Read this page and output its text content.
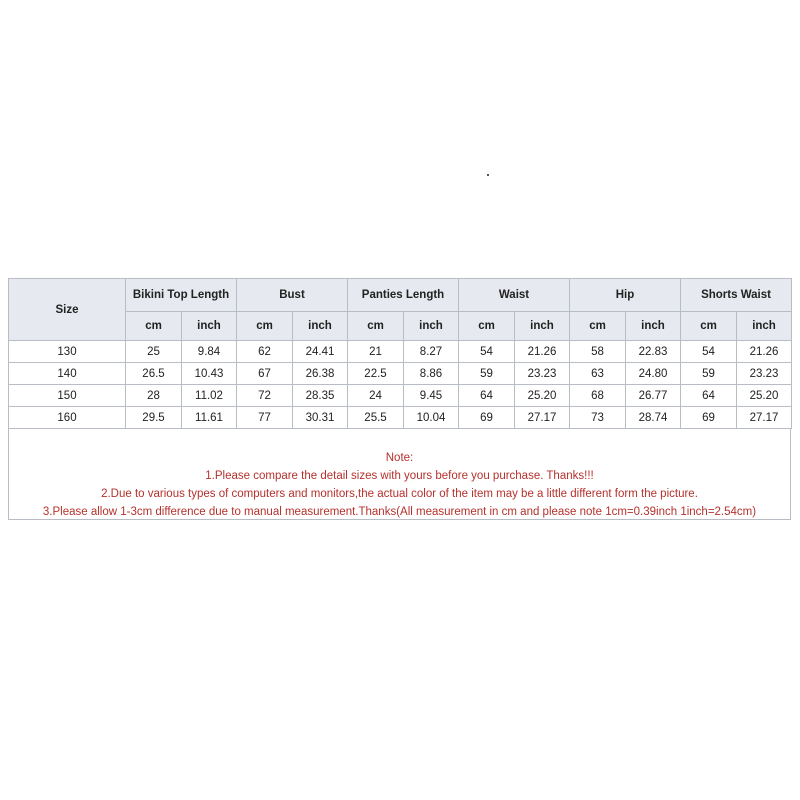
Size	Bikini Top Length		Bust		Panties Length		Waist		Hip		Shorts Waist	
	cm	inch	cm	inch	cm	inch	cm	inch	cm	inch	cm	inch
130	25	9.84	62	24.41	21	8.27	54	21.26	58	22.83	54	21.26
140	26.5	10.43	67	26.38	22.5	8.86	59	23.23	63	24.80	59	23.23
150	28	11.02	72	28.35	24	9.45	64	25.20	68	26.77	64	25.20
160	29.5	11.61	77	30.31	25.5	10.04	69	27.17	73	28.74	69	27.17
Note:
1.Please compare the detail sizes with yours before you purchase. Thanks!!!
2.Due to various types of computers and monitors,the actual color of the item may be a little different form the picture.
3.Please allow 1-3cm difference due to manual measurement.Thanks(All measurement in cm and please note 1cm=0.39inch 1inch=2.54cm)
